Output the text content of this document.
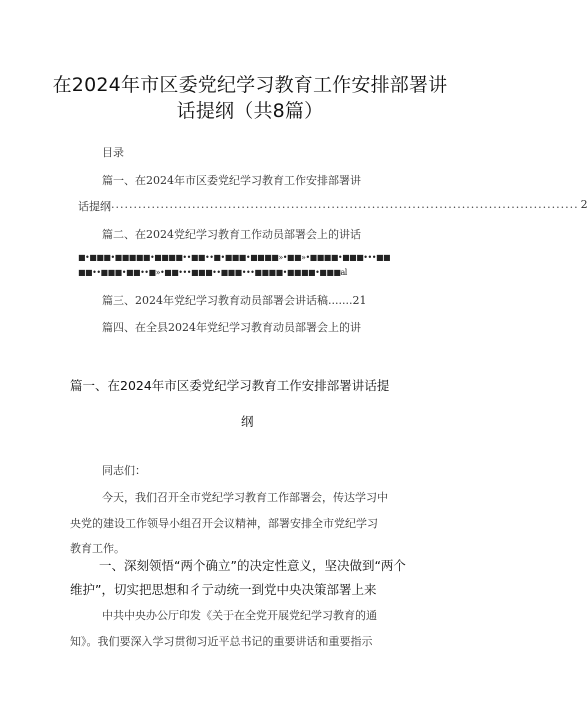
在2024年市区委党纪学习教育工作安排部署讲
话提纲（共8篇）
目录
篇一、在2024年市区委党纪学习教育工作安排部署讲
话提纲 ........................................................................................................ 2
篇二、在2024党纪学习教育工作动员部署会上的讲话
■•■■■•■■■■■•■■■■••■■••■•■■■•■■■■»•■■»•■■■■•■■■•••■■
■■••■■■•■■••■»•■■•••■■■••■■■•••■■■■•■■■■•■■■al
篇三、2024年党纪学习教育动员部署会讲话稿.......21
篇四、在全县2024年党纪学习教育动员部署会上的讲
篇一、在2024年市区委党纪学习教育工作安排部署讲话提
纲
同志们：
今天，我们召开全市党纪学习教育工作部署会，传达学习中
央党的建设工作领导小组召开会议精神，部署安排全市党纪学习
教育工作。
一、深刻领悟“两个确立”的决定性意义，坚决做到“两个
维护”，切实把思想和彳亍动统一到党中央决策部署上来
中共中央办公厅印发《关于在全党开展党纪学习教育的通
知》。我们要深入学习贯彻习近平总书记的重要讲话和重要指示
